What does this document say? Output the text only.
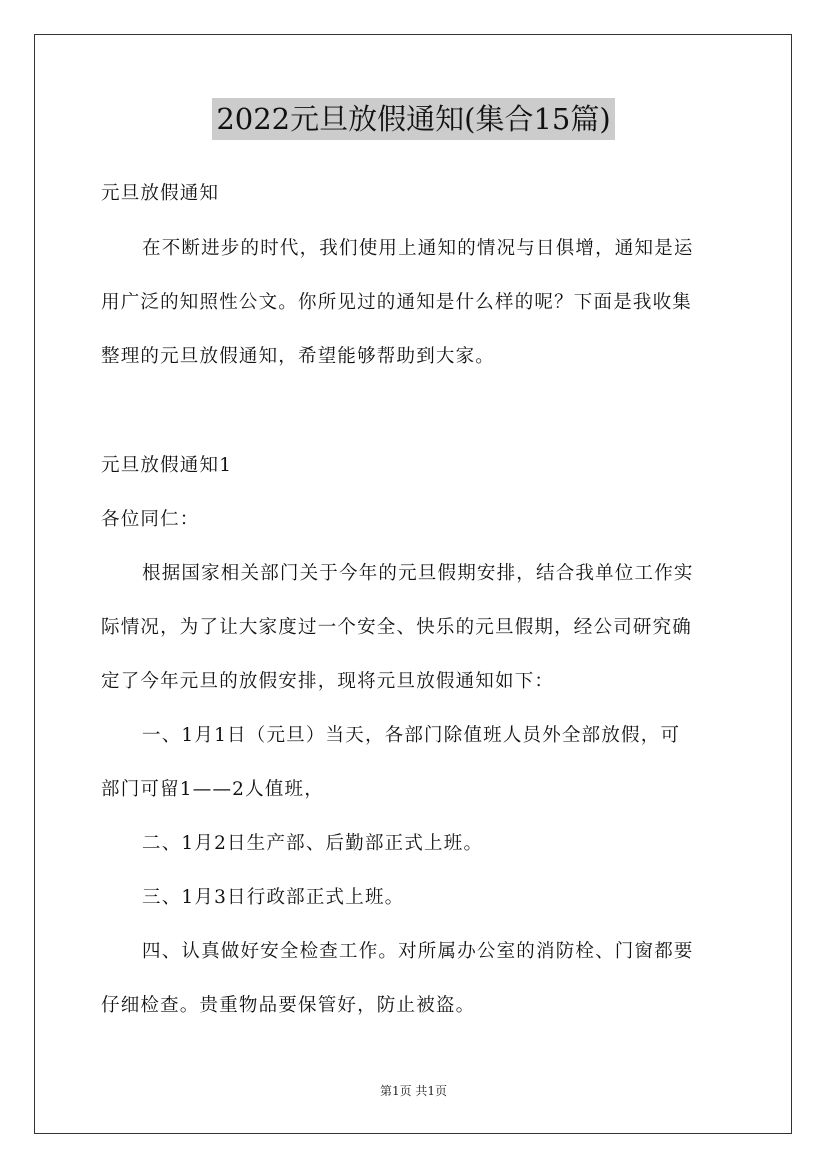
2022元旦放假通知(集合15篇)
元旦放假通知
在不断进步的时代，我们使用上通知的情况与日俱增，通知是运
用广泛的知照性公文。你所见过的通知是什么样的呢？下面是我收集
整理的元旦放假通知，希望能够帮助到大家。
元旦放假通知1
各位同仁：
根据国家相关部门关于今年的元旦假期安排，结合我单位工作实
际情况，为了让大家度过一个安全、快乐的元旦假期，经公司研究确
定了今年元旦的放假安排，现将元旦放假通知如下：
一、1月1日（元旦）当天，各部门除值班人员外全部放假，可
部门可留1——2人值班，
二、1月2日生产部、后勤部正式上班。
三、1月3日行政部正式上班。
四、认真做好安全检查工作。对所属办公室的消防栓、门窗都要
仔细检查。贵重物品要保管好，防止被盗。
第1页 共1页
